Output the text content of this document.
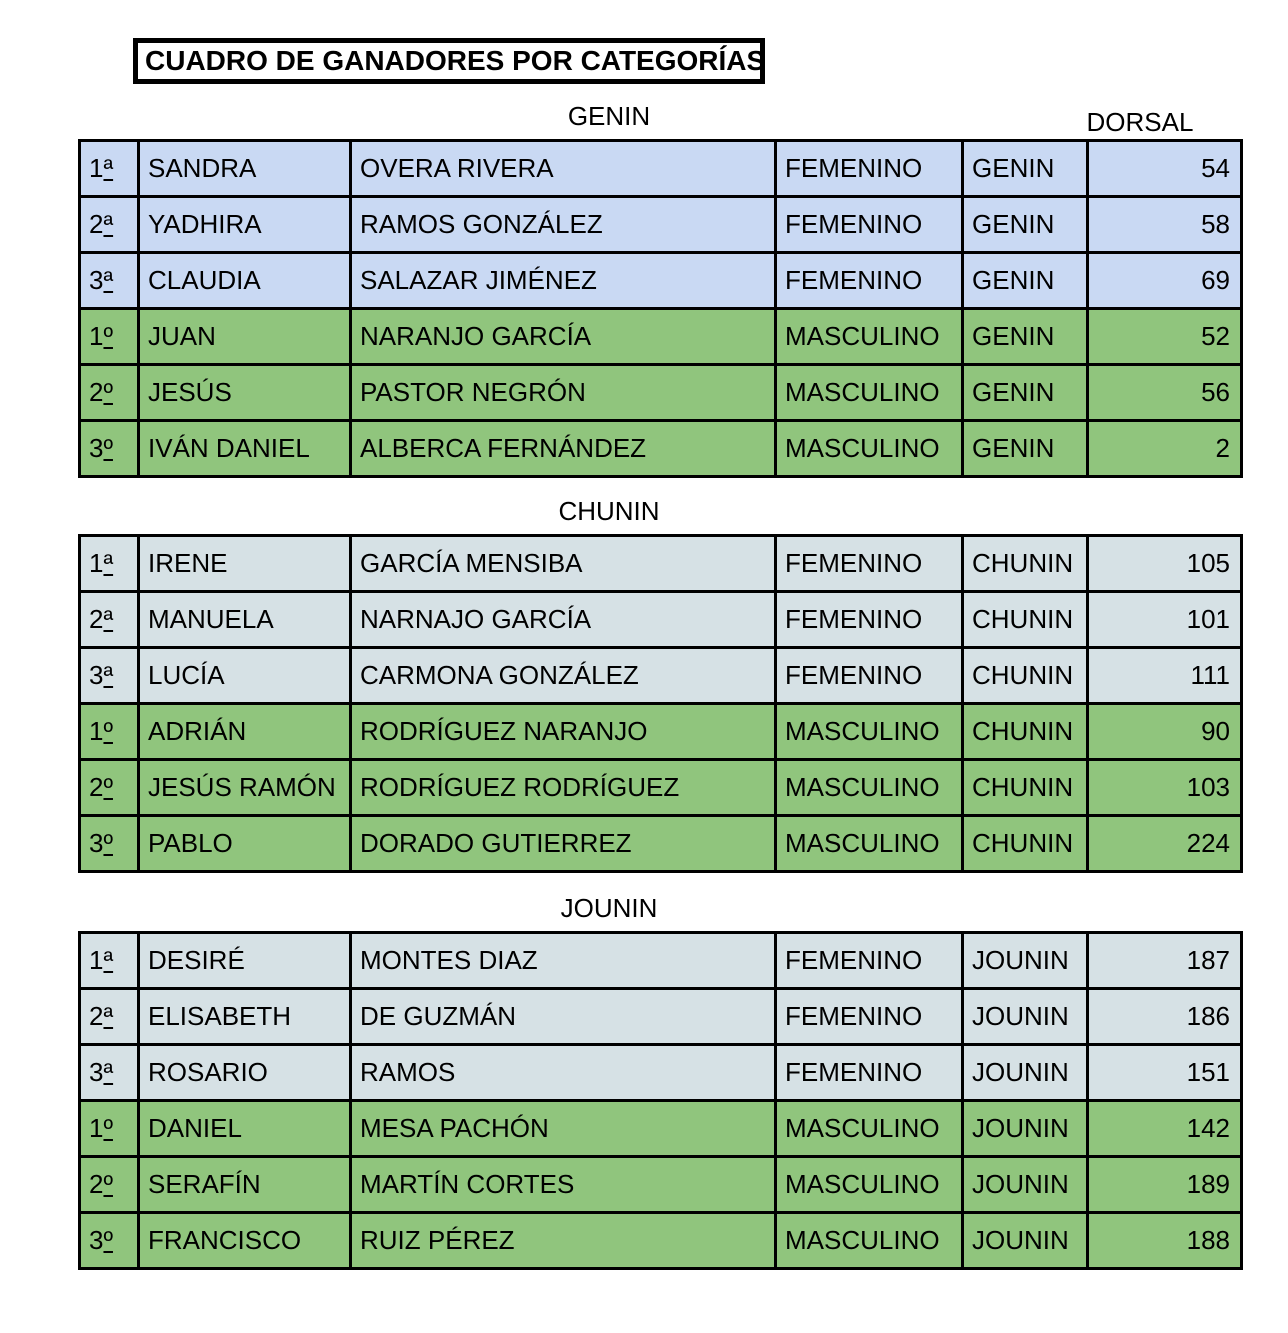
CUADRO DE GANADORES POR CATEGORÍAS
GENIN	DORSAL
1ª	SANDRA	OVERA RIVERA	FEMENINO	GENIN	54
2ª	YADHIRA	RAMOS GONZÁLEZ	FEMENINO	GENIN	58
3ª	CLAUDIA	SALAZAR JIMÉNEZ	FEMENINO	GENIN	69
1º	JUAN	NARANJO GARCÍA	MASCULINO	GENIN	52
2º	JESÚS	PASTOR NEGRÓN	MASCULINO	GENIN	56
3º	IVÁN DANIEL	ALBERCA FERNÁNDEZ	MASCULINO	GENIN	2
CHUNIN
1ª	IRENE	GARCÍA MENSIBA	FEMENINO	CHUNIN	105
2ª	MANUELA	NARNAJO GARCÍA	FEMENINO	CHUNIN	101
3ª	LUCÍA	CARMONA GONZÁLEZ	FEMENINO	CHUNIN	111
1º	ADRIÁN	RODRÍGUEZ NARANJO	MASCULINO	CHUNIN	90
2º	JESÚS RAMÓN	RODRÍGUEZ RODRÍGUEZ	MASCULINO	CHUNIN	103
3º	PABLO	DORADO GUTIERREZ	MASCULINO	CHUNIN	224
JOUNIN
1ª	DESIRÉ	MONTES DIAZ	FEMENINO	JOUNIN	187
2ª	ELISABETH	DE GUZMÁN	FEMENINO	JOUNIN	186
3ª	ROSARIO	RAMOS	FEMENINO	JOUNIN	151
1º	DANIEL	MESA PACHÓN	MASCULINO	JOUNIN	142
2º	SERAFÍN	MARTÍN CORTES	MASCULINO	JOUNIN	189
3º	FRANCISCO	RUIZ PÉREZ	MASCULINO	JOUNIN	188
